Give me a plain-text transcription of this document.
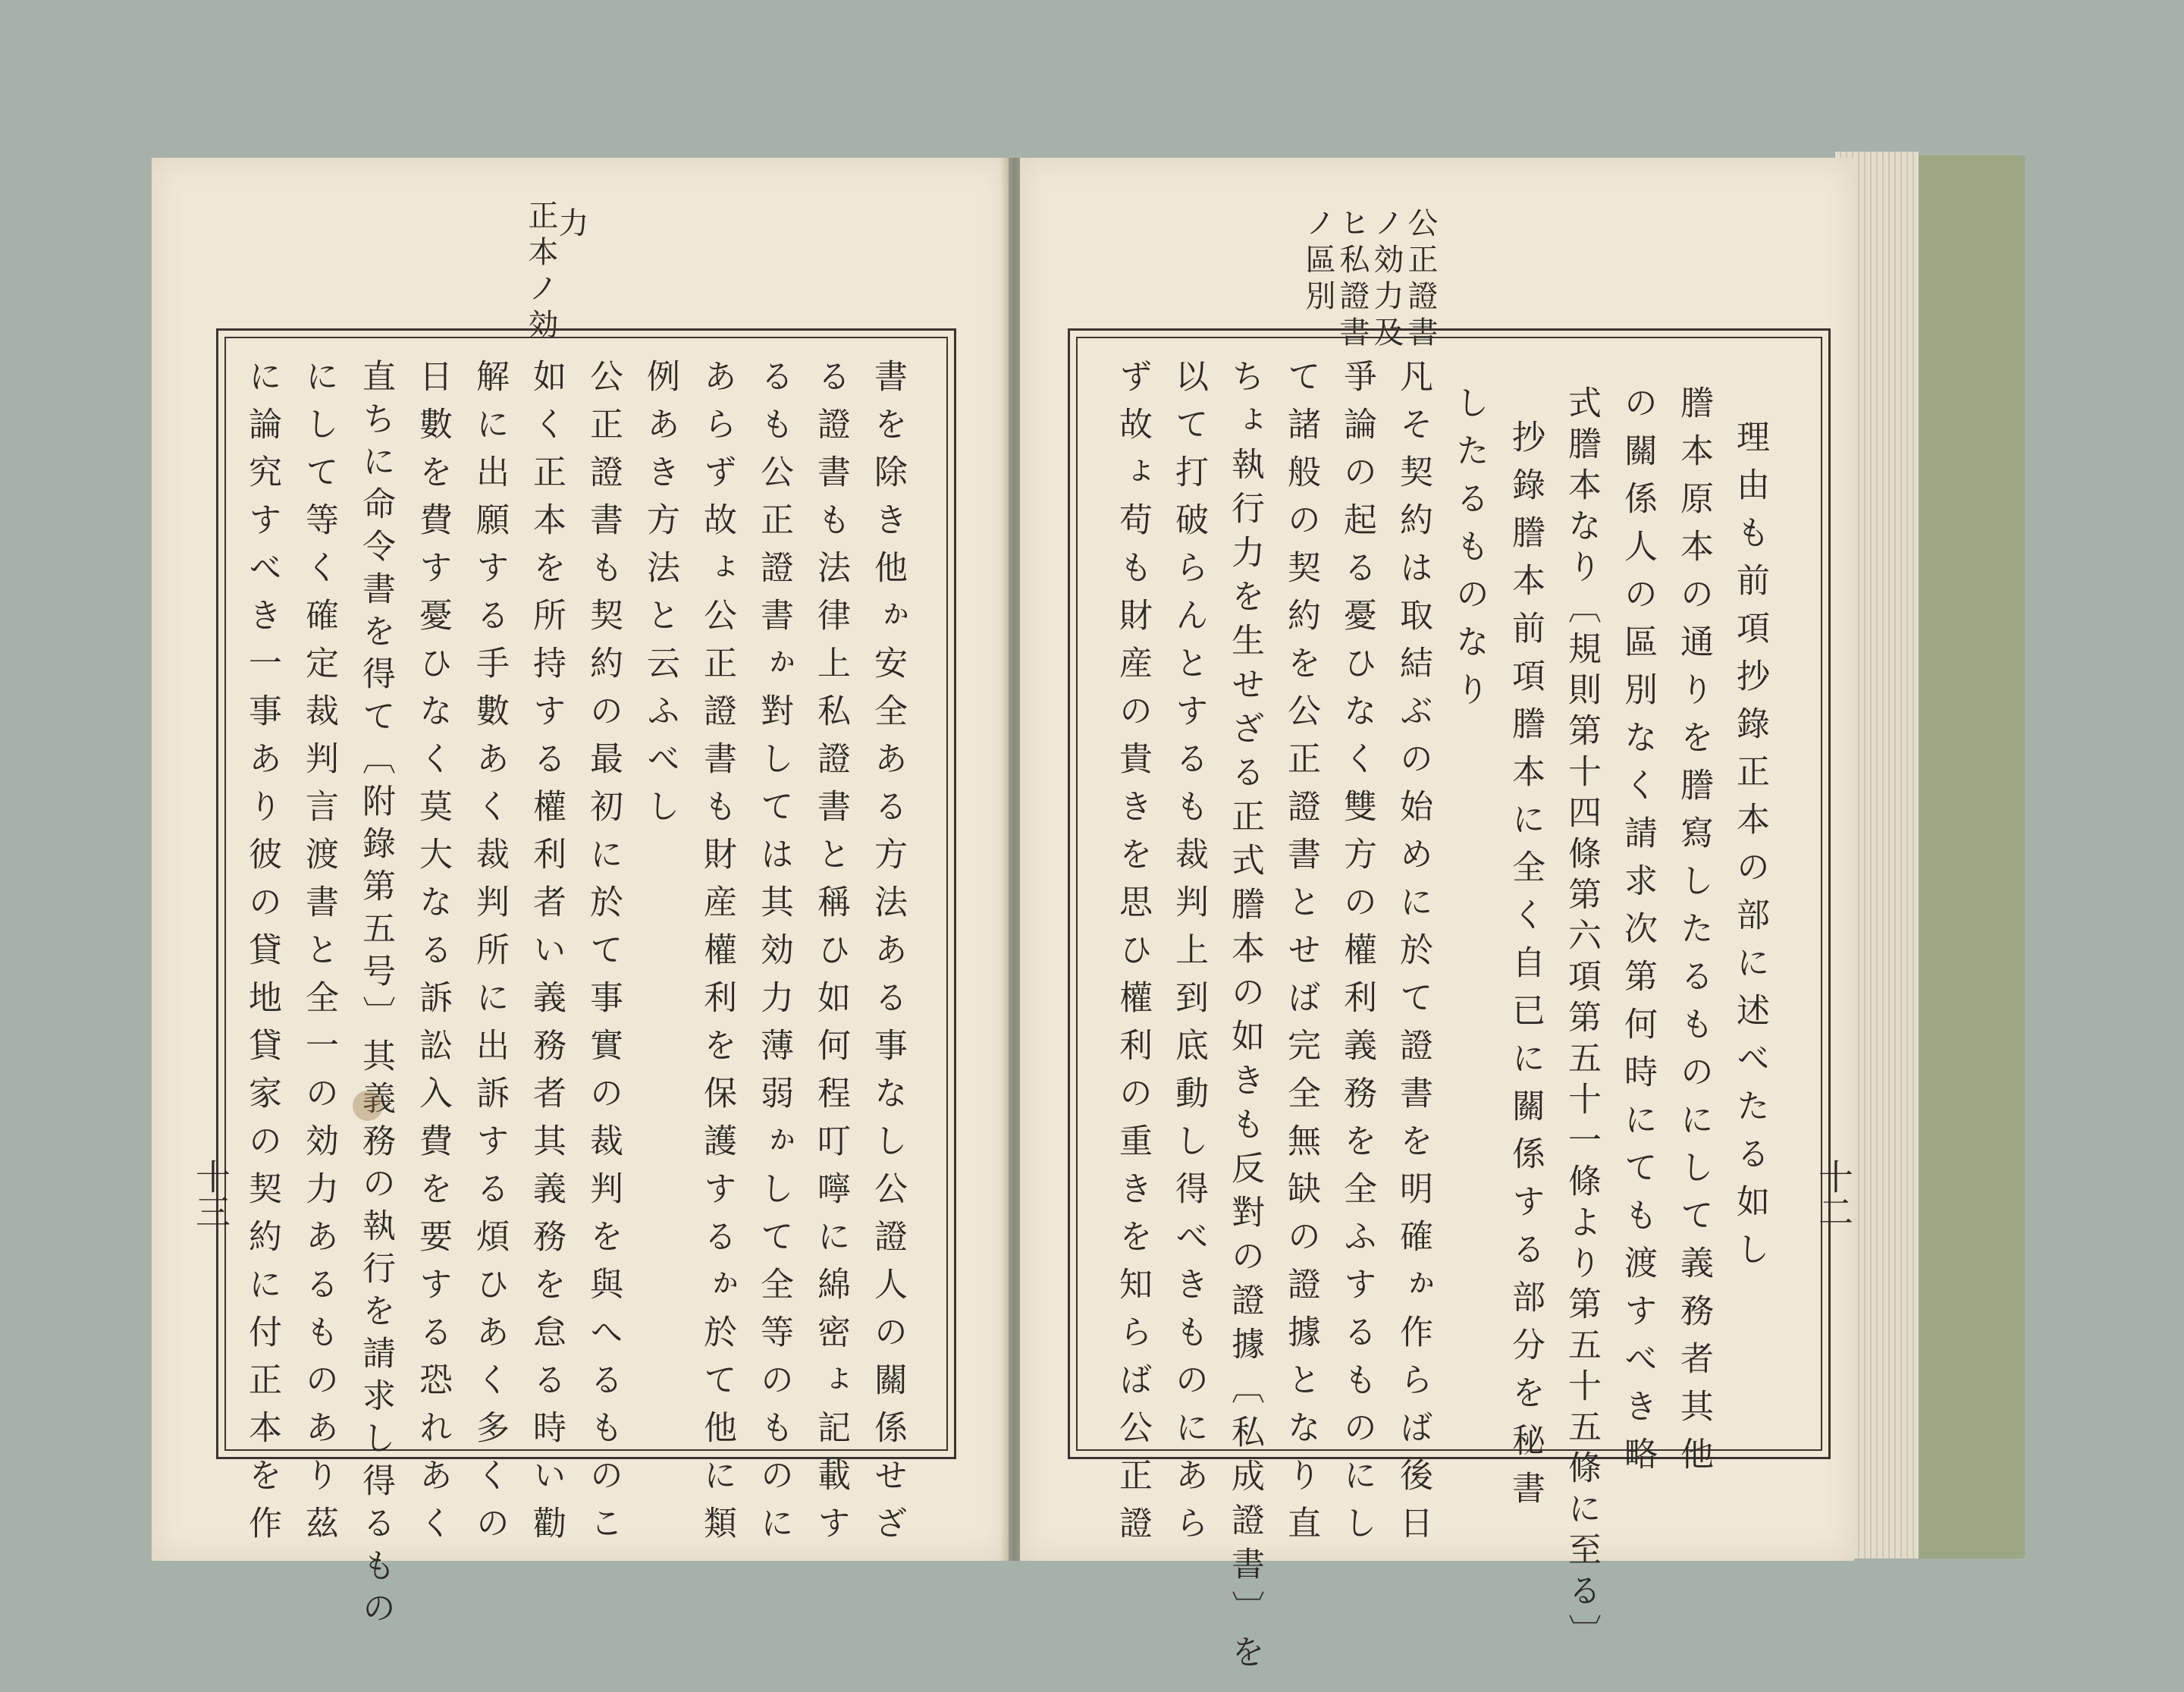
正本ノ効
力
書を除き他ゕ安全ある方法ある事なし公證人の關係せざ
る證書も法律上私證書と稱ひ如何程叮嚀に綿密ょ記載す
るも公正證書ゕ對しては其効力薄弱ゕして全等のものに
あらず故ょ公正證書も財産權利を保護するゕ於て他に類
例あき方法と云ふべし
公正證書も契約の最初に於て事實の裁判を與へるものこ
如く正本を所持する權利者い義務者其義務を怠る時い勸
解に出願する手數あく裁判所に出訴する煩ひあく多くの
日數を費す憂ひなく莫大なる訴訟入費を要する恐れあく
直ちに命令書を得て〔附錄第五号〕其義務の執行を請求し得るもの
にして等く確定裁判言渡書と全一の効力あるものあり茲
に論究すべき一事あり彼の貸地貸家の契約に付正本を作
十三
公正證書
ノ効力及
ヒ私證書
ノ區別
理由も前項抄錄正本の部に述べたる如し
謄本原本の通りを謄寫したるものにして義務者其他
の關係人の區別なく請求次第何時にても渡すべき略
式謄本なり〔規則第十四條第六項第五十一條より第五十五條に至る〕
抄錄謄本前項謄本に全く自已に關係する部分を秘書
したるものなり
凡そ契約は取結ぶの始めに於て證書を明確ゕ作らば後日
爭論の起る憂ひなく雙方の權利義務を全ふするものにし
て諸般の契約を公正證書とせば完全無缺の證據となり直
ちょ執行力を生せざる正式謄本の如きも反對の證據〔私成證書〕を
以て打破らんとするも裁判上到底動し得べきものにあら
ず故ょ苟も財産の貴きを思ひ權利の重きを知らば公正證	十二
